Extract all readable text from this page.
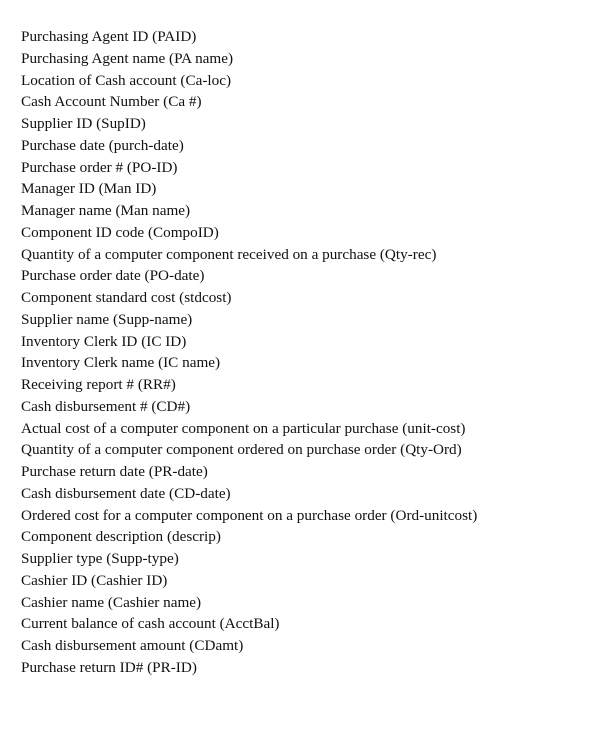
Purchasing Agent ID (PAID)
Purchasing Agent name (PA name)
Location of Cash account (Ca-loc)
Cash Account Number (Ca #)
Supplier ID (SupID)
Purchase date (purch-date)
Purchase order # (PO-ID)
Manager ID (Man ID)
Manager name (Man name)
Component ID code (CompoID)
Quantity of a computer component received on a purchase (Qty-rec)
Purchase order date (PO-date)
Component standard cost (stdcost)
Supplier name (Supp-name)
Inventory Clerk ID (IC ID)
Inventory Clerk name (IC name)
Receiving report # (RR#)
Cash disbursement # (CD#)
Actual cost of a computer component on a particular purchase (unit-cost)
Quantity of a computer component ordered on purchase order (Qty-Ord)
Purchase return date (PR-date)
Cash disbursement date (CD-date)
Ordered cost for a computer component on a purchase order (Ord-unitcost)
Component description (descrip)
Supplier type (Supp-type)
Cashier ID (Cashier ID)
Cashier name (Cashier name)
Current balance of cash account (AcctBal)
Cash disbursement amount (CDamt)
Purchase return ID# (PR-ID)
